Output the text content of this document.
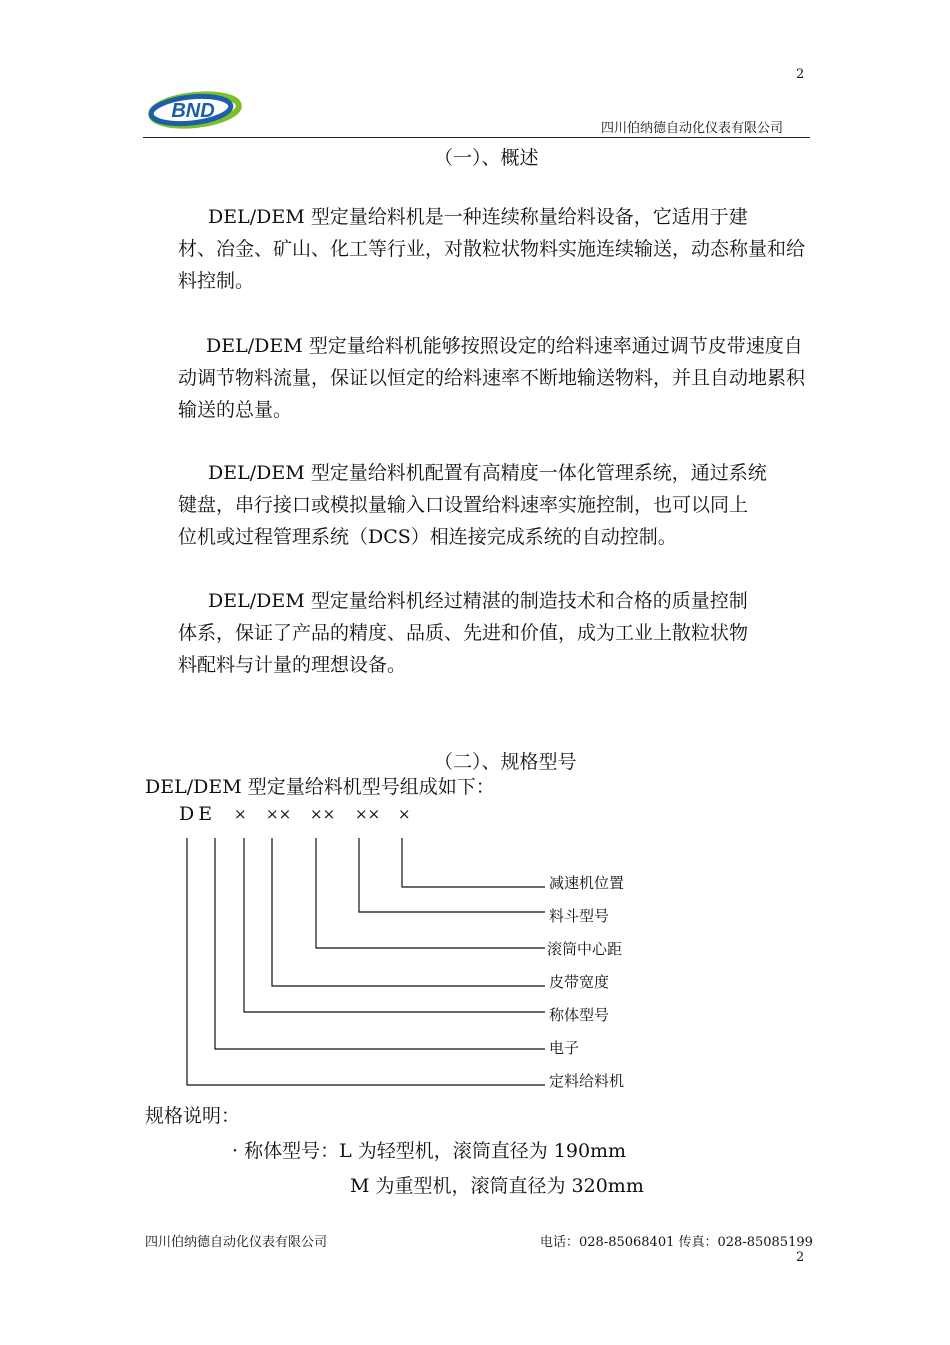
2
BND
四川伯纳德自动化仪表有限公司
（一）、概述
DEL/DEM 型定量给料机是一种连续称量给料设备，它适用于建
材、冶金、矿山、化工等行业，对散粒状物料实施连续输送，动态称量和给
料控制。
DEL/DEM 型定量给料机能够按照设定的给料速率通过调节皮带速度自
动调节物料流量，保证以恒定的给料速率不断地输送物料，并且自动地累积
输送的总量。
DEL/DEM 型定量给料机配置有高精度一体化管理系统，通过系统
键盘，串行接口或模拟量输入口设置给料速率实施控制，也可以同上
位机或过程管理系统（DCS）相连接完成系统的自动控制。
DEL/DEM 型定量给料机经过精湛的制造技术和合格的质量控制
体系，保证了产品的精度、品质、先进和价值，成为工业上散粒状物
料配料与计量的理想设备。
（二）、规格型号
DEL/DEM 型定量给料机型号组成如下：
DE × ×× ×× ×× ×
减速机位置
料斗型号
滚筒中心距
皮带宽度
称体型号
电子
定料给料机
规格说明：
· 称体型号：L 为轻型机，滚筒直径为 190mm
M 为重型机，滚筒直径为 320mm
四川伯纳德自动化仪表有限公司	电话：028-85068401 传真：028-85085199
2
